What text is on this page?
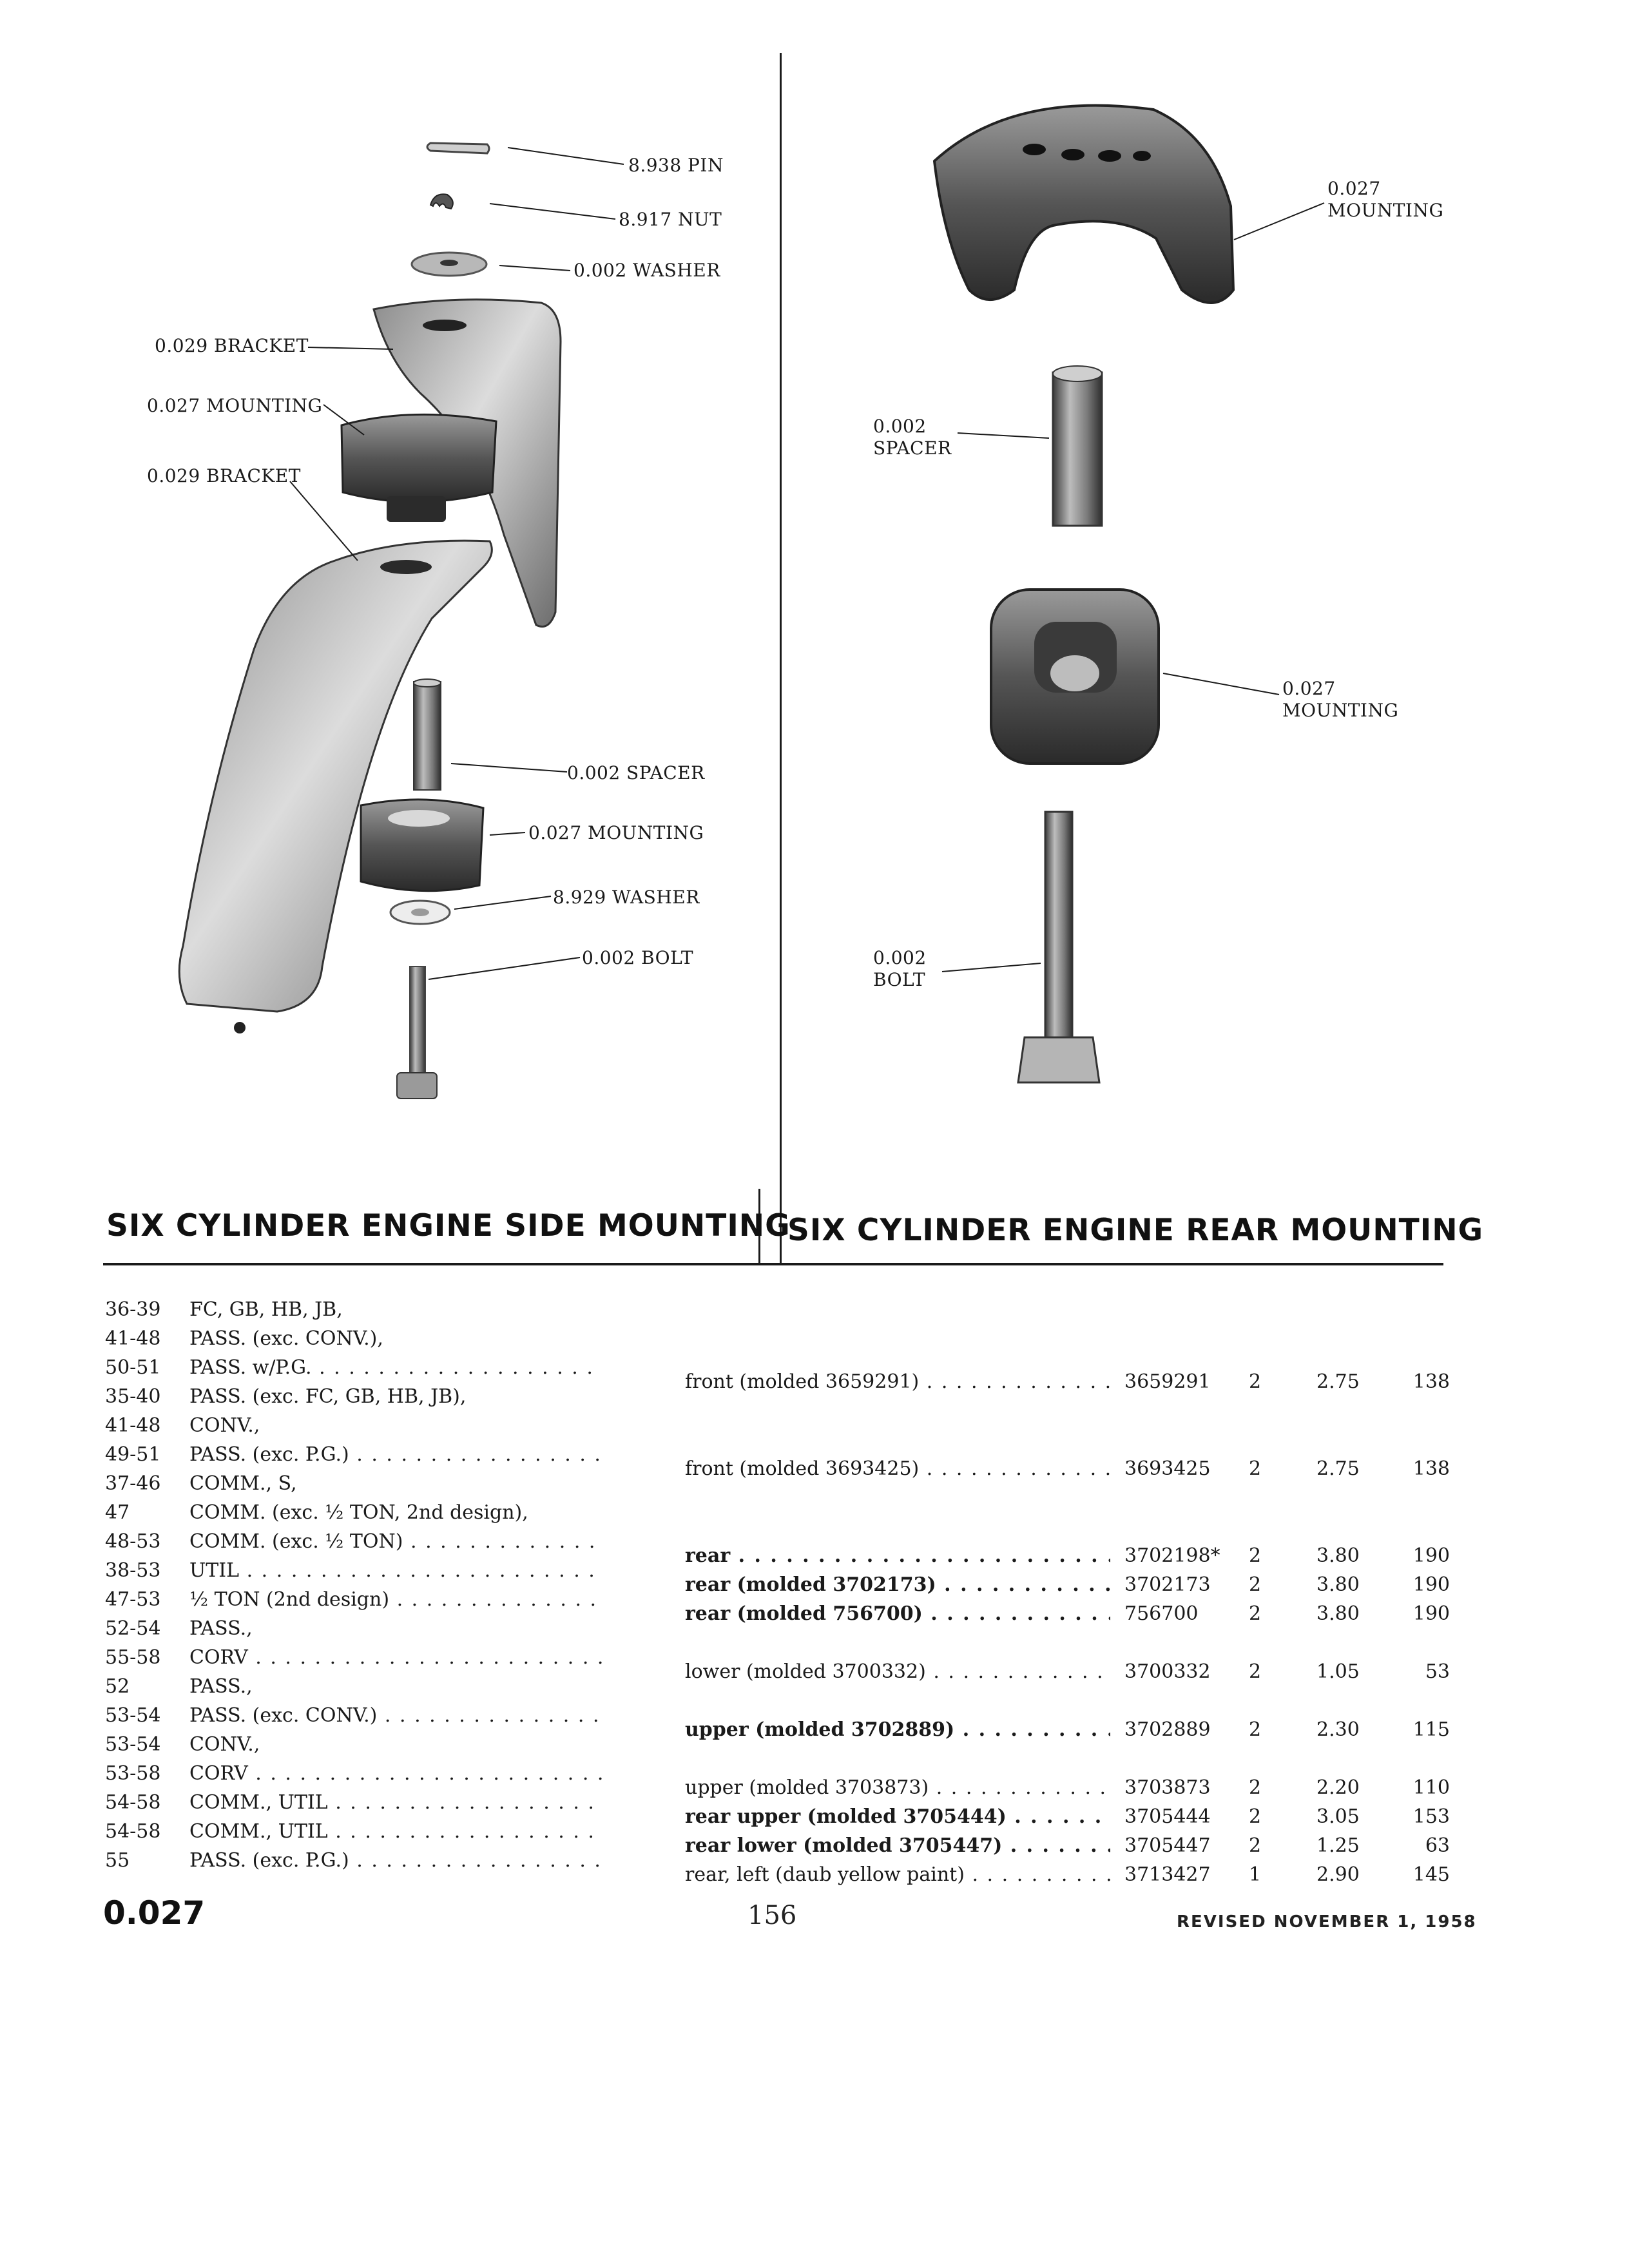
8.938 PIN
8.917 NUT
0.002 WASHER
0.029 BRACKET
0.027 MOUNTING
0.029 BRACKET
0.002 SPACER
0.027 MOUNTING
8.929 WASHER
0.002 BOLT
0.027
MOUNTING
0.002
SPACER
0.027
MOUNTING
0.002
BOLT
SIX CYLINDER ENGINE SIDE MOUNTING
SIX CYLINDER ENGINE REAR MOUNTING
36-39 FC, GB, HB, JB,
41-48 PASS. (exc. CONV.),
50-51 PASS. w/P.G. . . .
front (molded 3659291) . . .	3659291 2	2.75	138
35-40 PASS. (exc. FC, GB, HB, JB),
41-48 CONV.,
49-51 PASS. (exc. P.G.) . . .
front (molded 3693425) . . .	3693425 2	2.75	138
37-46 COMM., S,
47	COMM. (exc. ½ TON, 2nd design),
48-53 COMM. (exc. ½ TON) . . .
rear . . .	3702198* 2	3.80	190
38-53 UTIL . . .
rear (molded 3702173) . . .	3702173 2	3.80	190
47-53 ½ TON (2nd design) . . .
rear (molded 756700) . . .	756700	2	3.80	190
52-54 PASS.,
55-58 CORV . . .
lower (molded 3700332) . . .	3700332 2	1.05	53
52	PASS.,
53-54 PASS. (exc. CONV.) . . .
upper (molded 3702889) . . .	3702889 2	2.30	115
53-54 CONV.,
53-58 CORV . . .
upper (molded 3703873) . . .	3703873 2	2.20	110
54-58 COMM., UTIL . . .
rear upper (molded 3705444) . . .	3705444 2	3.05	153
54-58 COMM., UTIL . . .
rear lower (molded 3705447) . . .	3705447 2	1.25	63
55	PASS. (exc. P.G.) . . .
rear, left (daub yellow paint) . . .	3713427 1	2.90	145
0.027	156	REVISED NOVEMBER 1, 1958
